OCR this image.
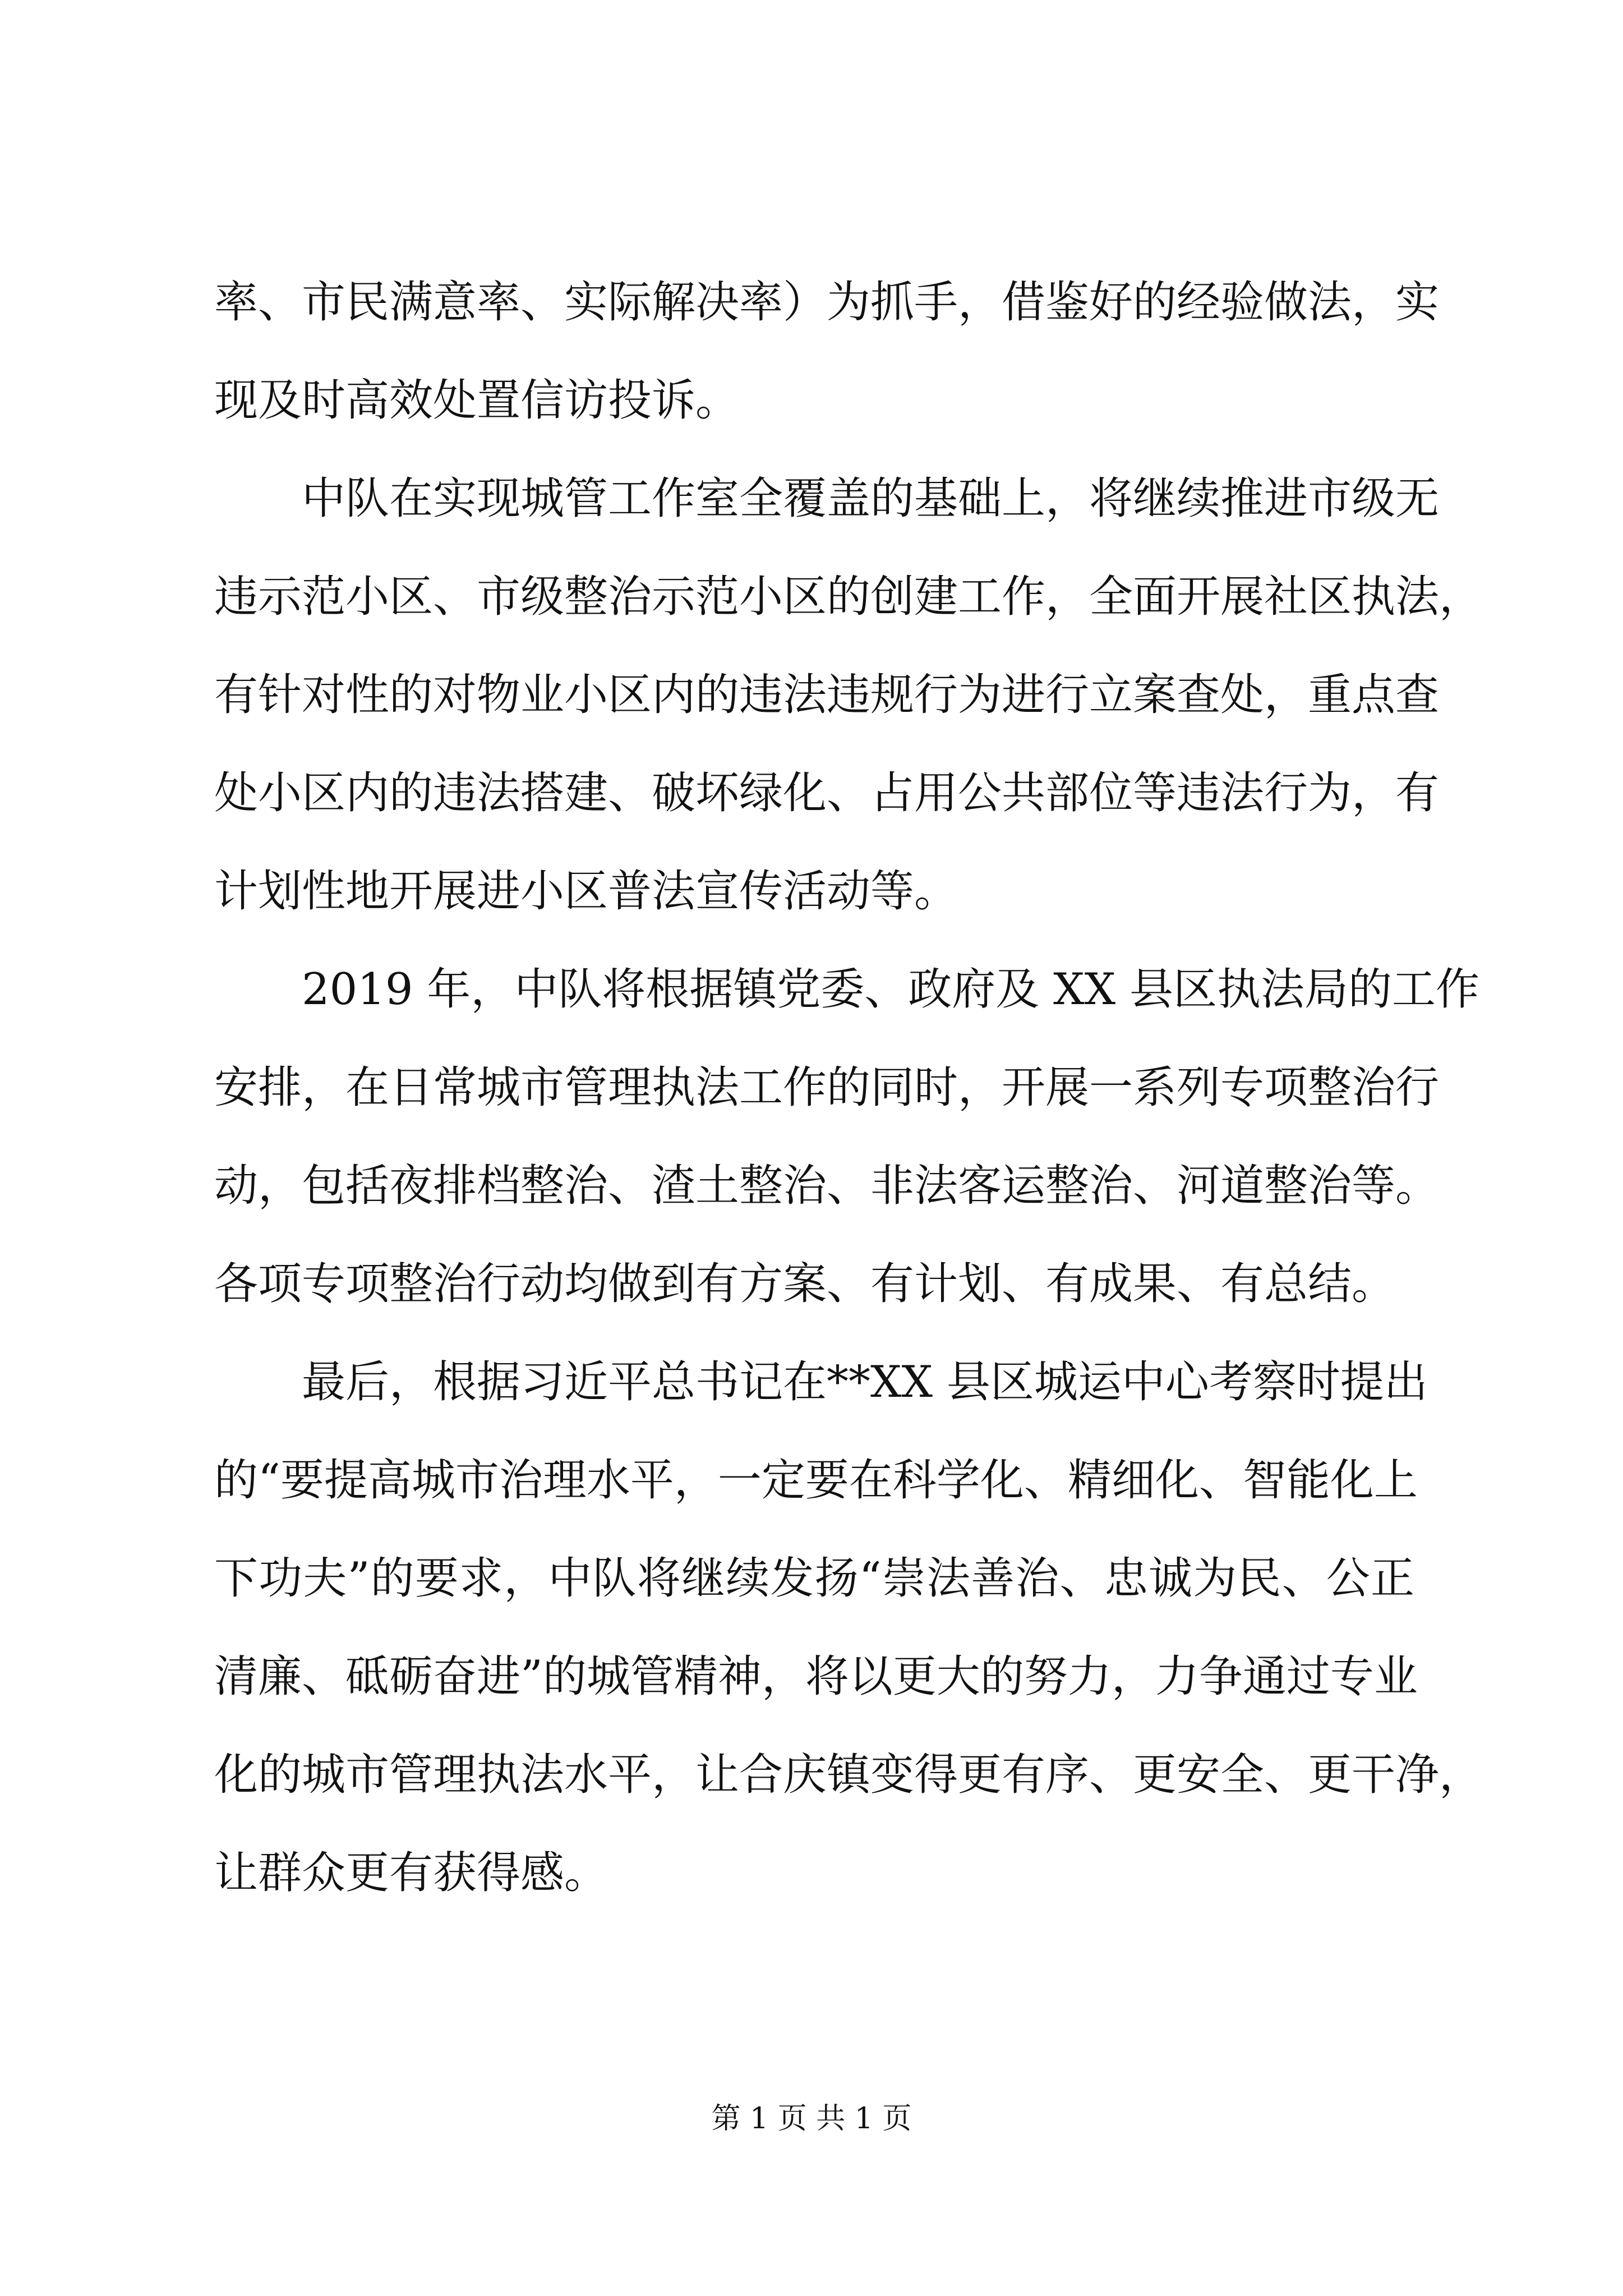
率、市民满意率、实际解决率）为抓手，借鉴好的经验做法，实
现及时高效处置信访投诉。
中队在实现城管工作室全覆盖的基础上，将继续推进市级无
违示范小区、市级整治示范小区的创建工作，全面开展社区执法，
有针对性的对物业小区内的违法违规行为进行立案查处，重点查
处小区内的违法搭建、破坏绿化、占用公共部位等违法行为，有
计划性地开展进小区普法宣传活动等。
2019 年，中队将根据镇党委、政府及 XX 县区执法局的工作
安排，在日常城市管理执法工作的同时，开展一系列专项整治行
动，包括夜排档整治、渣土整治、非法客运整治、河道整治等。
各项专项整治行动均做到有方案、有计划、有成果、有总结。
最后，根据习近平总书记在**XX 县区城运中心考察时提出
的“要提高城市治理水平，一定要在科学化、精细化、智能化上
下功夫”的要求，中队将继续发扬“崇法善治、忠诚为民、公正
清廉、砥砺奋进”的城管精神，将以更大的努力，力争通过专业
化的城市管理执法水平，让合庆镇变得更有序、更安全、更干净，
让群众更有获得感。
第 1 页 共 1 页
